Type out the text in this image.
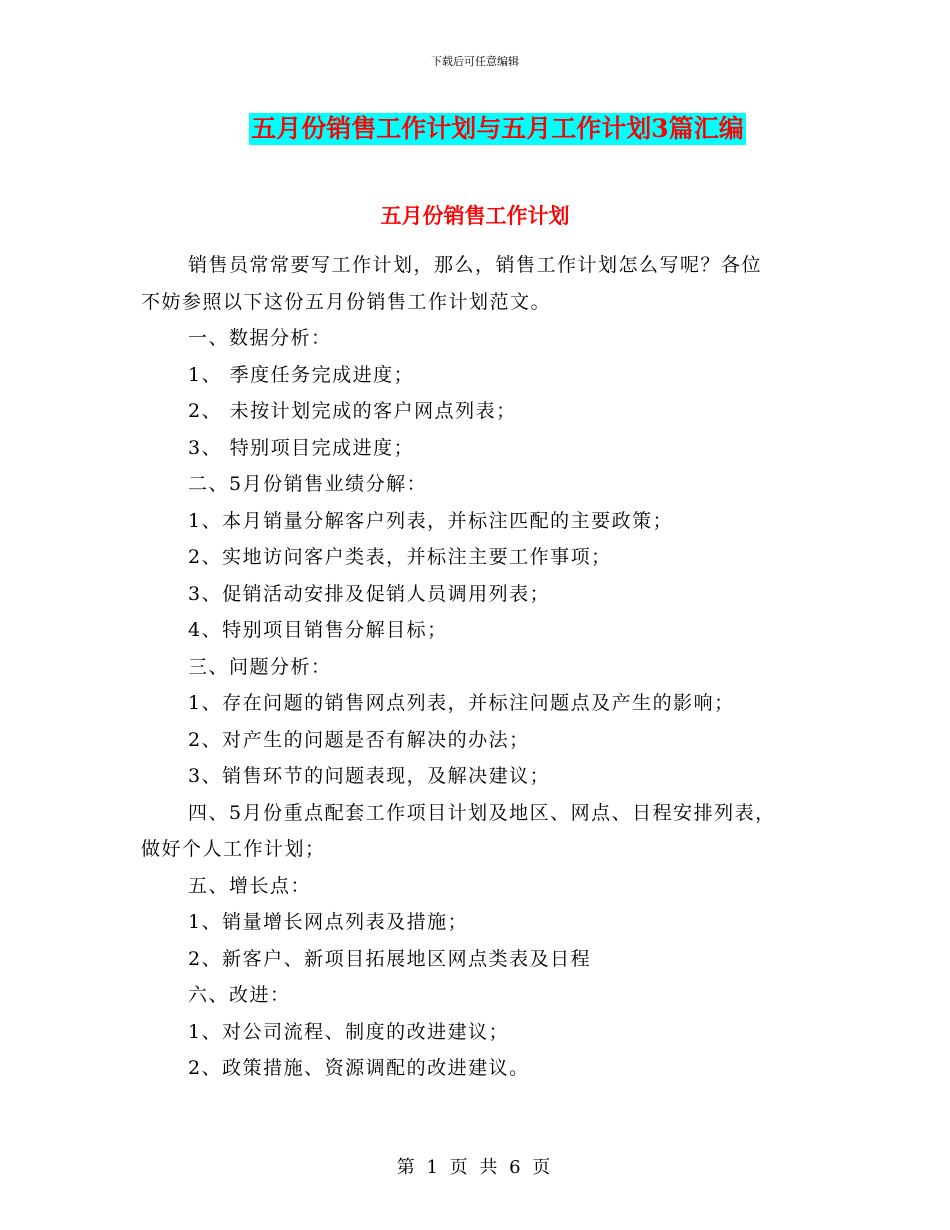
下载后可任意编辑
五月份销售工作计划与五月工作计划3篇汇编
五月份销售工作计划
销售员常常要写工作计划，那么，销售工作计划怎么写呢？各位
不妨参照以下这份五月份销售工作计划范文。
一、数据分析：
1、 季度任务完成进度；
2、 未按计划完成的客户网点列表；
3、 特别项目完成进度；
二、5月份销售业绩分解：
1、本月销量分解客户列表，并标注匹配的主要政策；
2、实地访问客户类表，并标注主要工作事项；
3、促销活动安排及促销人员调用列表；
4、特别项目销售分解目标；
三、问题分析：
1、存在问题的销售网点列表，并标注问题点及产生的影响；
2、对产生的问题是否有解决的办法；
3、销售环节的问题表现，及解决建议；
四、5月份重点配套工作项目计划及地区、网点、日程安排列表，
做好个人工作计划；
五、增长点：
1、销量增长网点列表及措施；
2、新客户、新项目拓展地区网点类表及日程
六、改进：
1、对公司流程、制度的改进建议；
2、政策措施、资源调配的改进建议。
第 1 页 共 6 页
